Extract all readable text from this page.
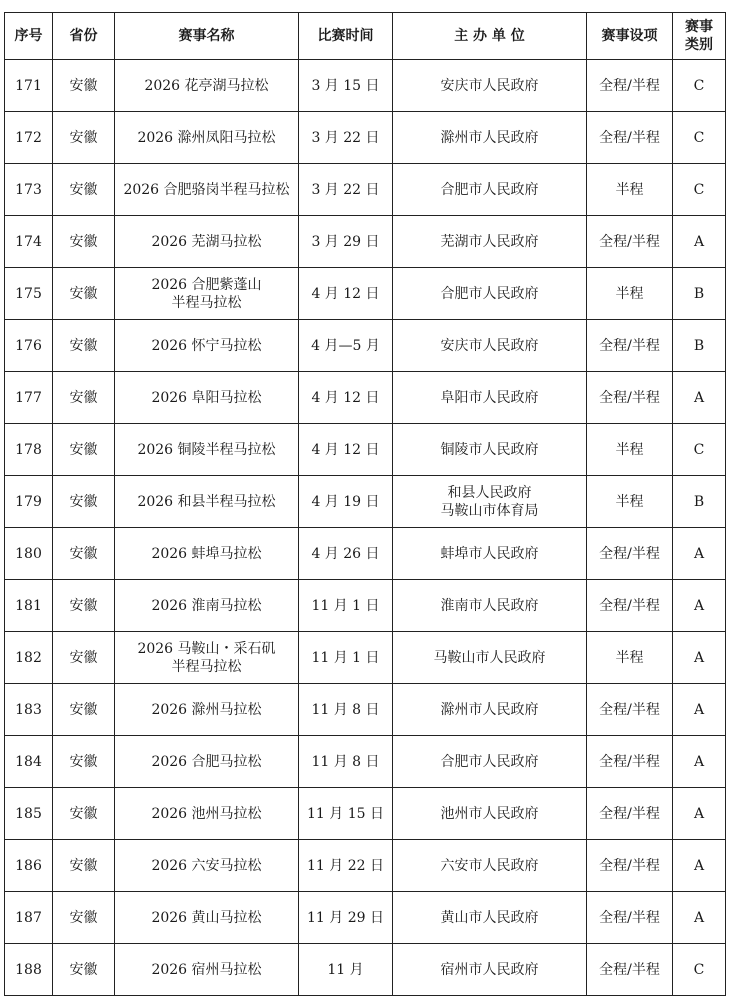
序号	省份	赛事名称	比赛时间	主 办 单 位	赛事设项	赛事
类别
171	安徽	2026 花亭湖马拉松	3 月 15 日	安庆市人民政府	全程/半程	C
172	安徽	2026 滁州凤阳马拉松	3 月 22 日	滁州市人民政府	全程/半程	C
173	安徽	2026 合肥骆岗半程马拉松	3 月 22 日	合肥市人民政府	半程	C
174	安徽	2026 芜湖马拉松	3 月 29 日	芜湖市人民政府	全程/半程	A
175	安徽	2026 合肥紫蓬山
半程马拉松	4 月 12 日	合肥市人民政府	半程	B
176	安徽	2026 怀宁马拉松	4 月—5 月	安庆市人民政府	全程/半程	B
177	安徽	2026 阜阳马拉松	4 月 12 日	阜阳市人民政府	全程/半程	A
178	安徽	2026 铜陵半程马拉松	4 月 12 日	铜陵市人民政府	半程	C
179	安徽	2026 和县半程马拉松	4 月 19 日	和县人民政府
马鞍山市体育局	半程	B
180	安徽	2026 蚌埠马拉松	4 月 26 日	蚌埠市人民政府	全程/半程	A
181	安徽	2026 淮南马拉松	11 月 1 日	淮南市人民政府	全程/半程	A
182	安徽	2026 马鞍山・采石矶
半程马拉松	11 月 1 日	马鞍山市人民政府	半程	A
183	安徽	2026 滁州马拉松	11 月 8 日	滁州市人民政府	全程/半程	A
184	安徽	2026 合肥马拉松	11 月 8 日	合肥市人民政府	全程/半程	A
185	安徽	2026 池州马拉松	11 月 15 日	池州市人民政府	全程/半程	A
186	安徽	2026 六安马拉松	11 月 22 日	六安市人民政府	全程/半程	A
187	安徽	2026 黄山马拉松	11 月 29 日	黄山市人民政府	全程/半程	A
188	安徽	2026 宿州马拉松	11 月	宿州市人民政府	全程/半程	C
